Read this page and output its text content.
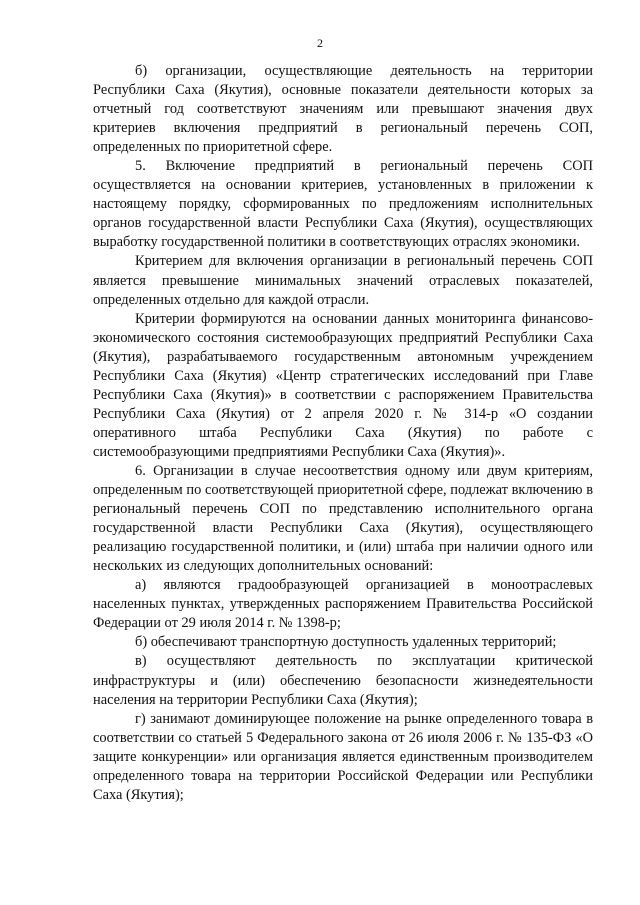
2

б) организации, осуществляющие деятельность на территории Республики Саха (Якутия), основные показатели деятельности которых за отчетный год соответствуют значениям или превышают значения двух критериев включения предприятий в региональный перечень СОП, определенных по приоритетной сфере.

5. Включение предприятий в региональный перечень СОП осуществляется на основании критериев, установленных в приложении к настоящему порядку, сформированных по предложениям исполнительных органов государственной власти Республики Саха (Якутия), осуществляющих выработку государственной политики в соответствующих отраслях экономики.

Критерием для включения организации в региональный перечень СОП является превышение минимальных значений отраслевых показателей, определенных отдельно для каждой отрасли.

Критерии формируются на основании данных мониторинга финансово-экономического состояния системообразующих предприятий Республики Саха (Якутия), разрабатываемого государственным автономным учреждением Республики Саха (Якутия) «Центр стратегических исследований при Главе Республики Саха (Якутия)» в соответствии с распоряжением Правительства Республики Саха (Якутия) от 2 апреля 2020 г. № 314-р «О создании оперативного штаба Республики Саха (Якутия) по работе с системообразующими предприятиями Республики Саха (Якутия)».

6. Организации в случае несоответствия одному или двум критериям, определенным по соответствующей приоритетной сфере, подлежат включению в региональный перечень СОП по представлению исполнительного органа государственной власти Республики Саха (Якутия), осуществляющего реализацию государственной политики, и (или) штаба при наличии одного или нескольких из следующих дополнительных оснований:

а) являются градообразующей организацией в моноотраслевых населенных пунктах, утвержденных распоряжением Правительства Российской Федерации от 29 июля 2014 г. № 1398-р;

б) обеспечивают транспортную доступность удаленных территорий;

в) осуществляют деятельность по эксплуатации критической инфраструктуры и (или) обеспечению безопасности жизнедеятельности населения на территории Республики Саха (Якутия);

г) занимают доминирующее положение на рынке определенного товара в соответствии со статьей 5 Федерального закона от 26 июля 2006 г. № 135-ФЗ «О защите конкуренции» или организация является единственным производителем определенного товара на территории Российской Федерации или Республики Саха (Якутия);
